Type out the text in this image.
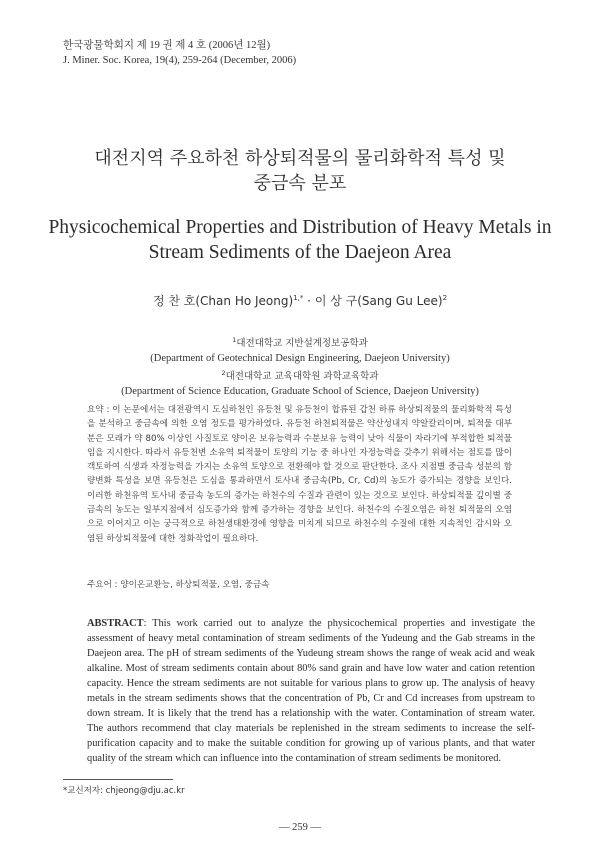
한국광물학회지 제 19 권 제 4 호 (2006년 12월)
J. Miner. Soc. Korea, 19(4), 259-264 (December, 2006)
대전지역 주요하천 하상퇴적물의 물리화학적 특성 및
중금속 분포
Physicochemical Properties and Distribution of Heavy Metals in
Stream Sediments of the Daejeon Area
정 찬 호(Chan Ho Jeong)$^{1,*}$ · 이 상 구(Sang Gu Lee)$^2$
$^1$대전대학교 지반설계정보공학과
(Department of Geotechnical Design Engineering, Daejeon University)
$^2$대전대학교 교육대학원 과학교육학과
(Department of Science Education, Graduate School of Science, Daejeon University)
요약 : 이 논문에서는 대전광역시 도심하천인 유등천 및 유등천이 합류된 갑천 하류 하상퇴적물의 물리화학적 특성을 분석하고 중금속에 의한 오염 정도를 평가하였다. 유등천 하천퇴적물은 약산성내지 약알칼리이며, 퇴적물 대부분은 모래가 약 80% 이상인 사질토로 양이온 보유능력과 수분보유 능력이 낮아 식물이 자라기에 부적합한 퇴적물임을 지시한다. 따라서 유등천변 소유역 퇴적물이 토양의 기능 중 하나인 자정능력을 갖추기 위해서는 점토를 많이 객토하여 식생과 자정능력을 가지는 소유역 토양으로 전환해야 할 것으로 판단한다. 조사 지점별 중금속 성분의 함량변화 특성을 보면 유등천은 도심을 통과하면서 토사내 중금속(Pb, Cr, Cd)의 농도가 증가되는 경향을 보인다. 이러한 하천유역 토사내 중금속 농도의 증가는 하천수의 수질과 관련이 있는 것으로 보인다. 하상퇴적물 깊이별 중금속의 농도는 일부지점에서 심도증가와 함께 증가하는 경향을 보인다. 하천수의 수질오염은 하천 퇴적물의 오염으로 이어지고 이는 궁극적으로 하천생태환경에 영향을 미치게 되므로 하천수의 수질에 대한 지속적인 감시와 오염된 하상퇴적물에 대한 정화작업이 필요하다.
주요어 : 양이온교환능, 하상퇴적물, 오염, 중금속
ABSTRACT: This work carried out to analyze the physicochemical properties and investigate the assessment of heavy metal contamination of stream sediments of the Yudeung and the Gab streams in the Daejeon area. The pH of stream sediments of the Yudeung stream shows the range of weak acid and weak alkaline. Most of stream sediments contain about 80% sand grain and have low water and cation retention capacity. Hence the stream sediments are not suitable for various plans to grow up. The analysis of heavy metals in the stream sediments shows that the concentration of Pb, Cr and Cd increases from upstream to down stream. It is likely that the trend has a relationship with the water. Contamination of stream water. The authors recommend that clay materials be replenished in the stream sediments to increase the self-purification capacity and to make the suitable condition for growing up of various plants, and that water quality of the stream which can influence into the contamination of stream sediments be monitored.
*교신저자: chjeong@dju.ac.kr
— 259 —
